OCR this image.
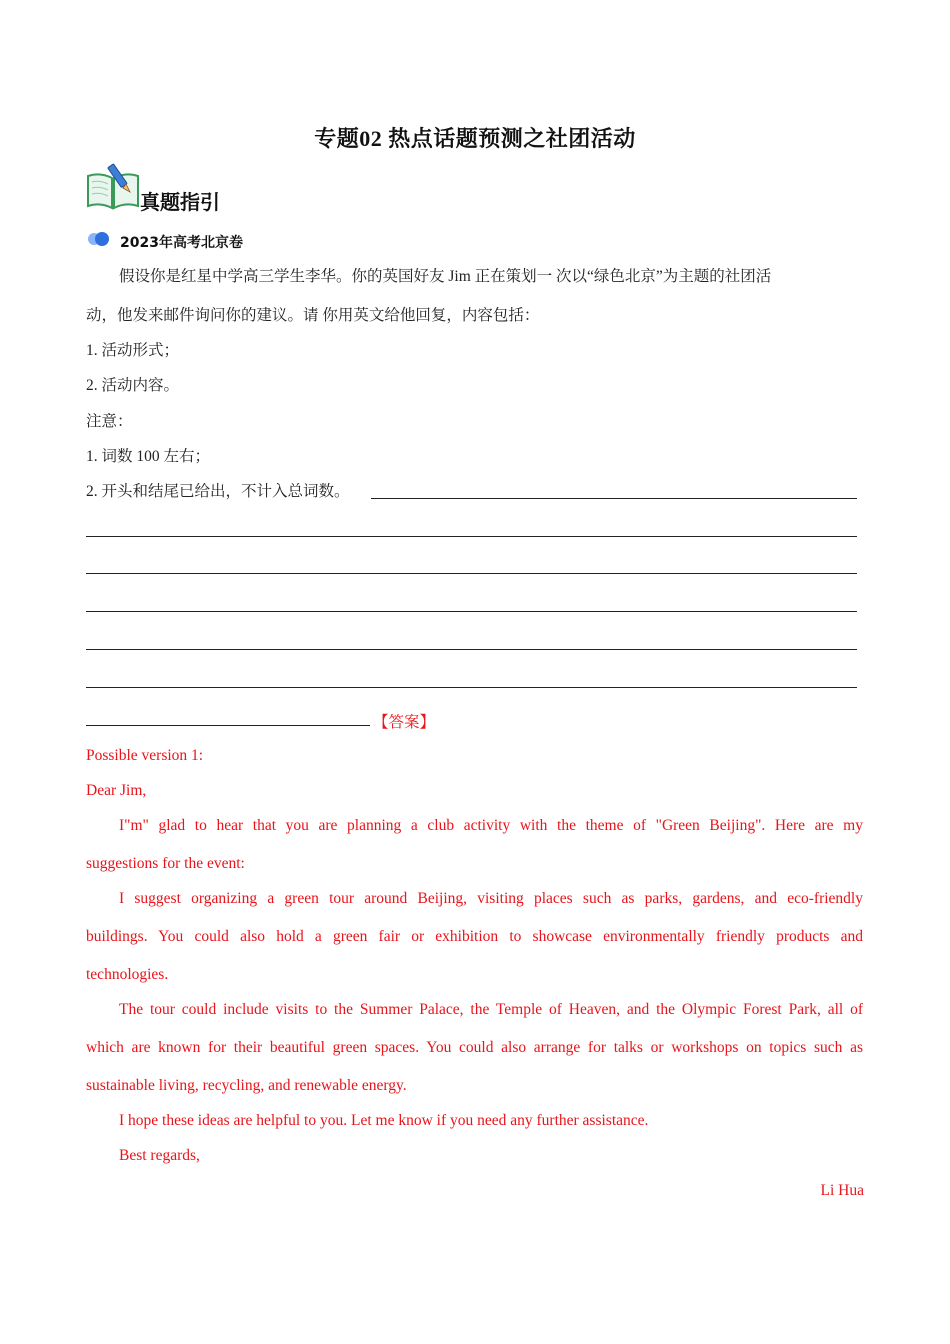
专题02 热点话题预测之社团活动
真题指引
2023年高考北京卷
假设你是红星中学高三学生李华。你的英国好友 Jim 正在策划一 次以“绿色北京”为主题的社团活
动，他发来邮件询问你的建议。请 你用英文给他回复，内容包括：
1. 活动形式；
2. 活动内容。
注意：
1. 词数 100 左右；
2. 开头和结尾已给出，不计入总词数。
【答案】
Possible version 1:
Dear Jim,
I"m" glad to hear that you are planning a club activity with the theme of "Green Beijing". Here are my
suggestions for the event:
I suggest organizing a green tour around Beijing, visiting places such as parks, gardens, and eco-friendly
buildings. You could also hold a green fair or exhibition to showcase environmentally friendly products and
technologies.
The tour could include visits to the Summer Palace, the Temple of Heaven, and the Olympic Forest Park, all of
which are known for their beautiful green spaces. You could also arrange for talks or workshops on topics such as
sustainable living, recycling, and renewable energy.
I hope these ideas are helpful to you. Let me know if you need any further assistance.
Best regards,
Li Hua
